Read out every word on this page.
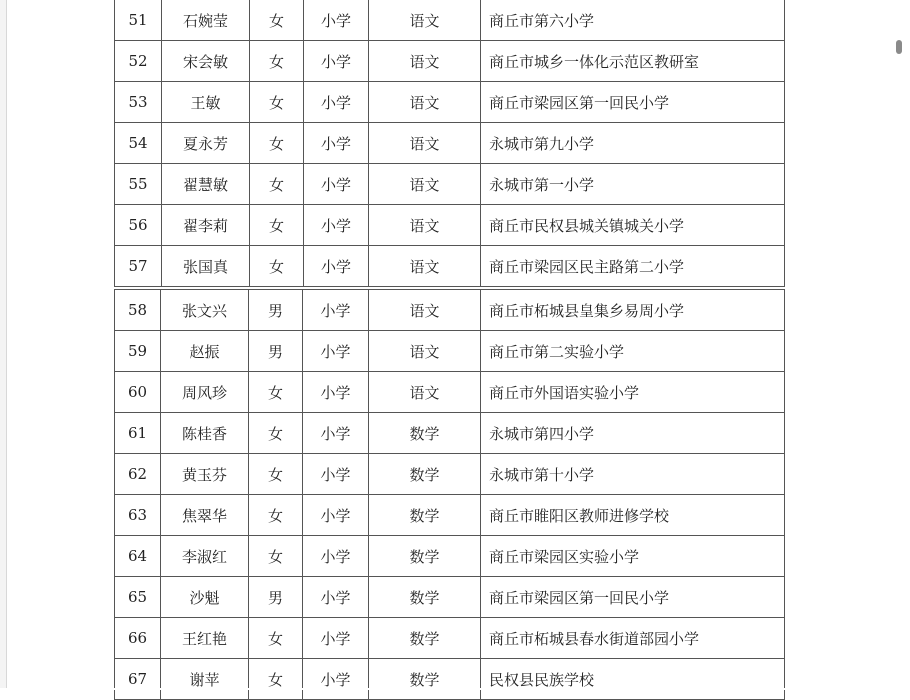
51	石婉莹	女	小学	语文	商丘市第六小学
52	宋会敏	女	小学	语文	商丘市城乡一体化示范区教研室
53	王敏	女	小学	语文	商丘市梁园区第一回民小学
54	夏永芳	女	小学	语文	永城市第九小学
55	翟慧敏	女	小学	语文	永城市第一小学
56	翟李莉	女	小学	语文	商丘市民权县城关镇城关小学
57	张国真	女	小学	语文	商丘市梁园区民主路第二小学
58	张文兴	男	小学	语文	商丘市柘城县皇集乡易周小学
59	赵振	男	小学	语文	商丘市第二实验小学
60	周风珍	女	小学	语文	商丘市外国语实验小学
61	陈桂香	女	小学	数学	永城市第四小学
62	黄玉芬	女	小学	数学	永城市第十小学
63	焦翠华	女	小学	数学	商丘市睢阳区教师进修学校
64	李淑红	女	小学	数学	商丘市梁园区实验小学
65	沙魁	男	小学	数学	商丘市梁园区第一回民小学
66	王红艳	女	小学	数学	商丘市柘城县春水街道部园小学
67	谢苹	女	小学	数学	民权县民族学校
